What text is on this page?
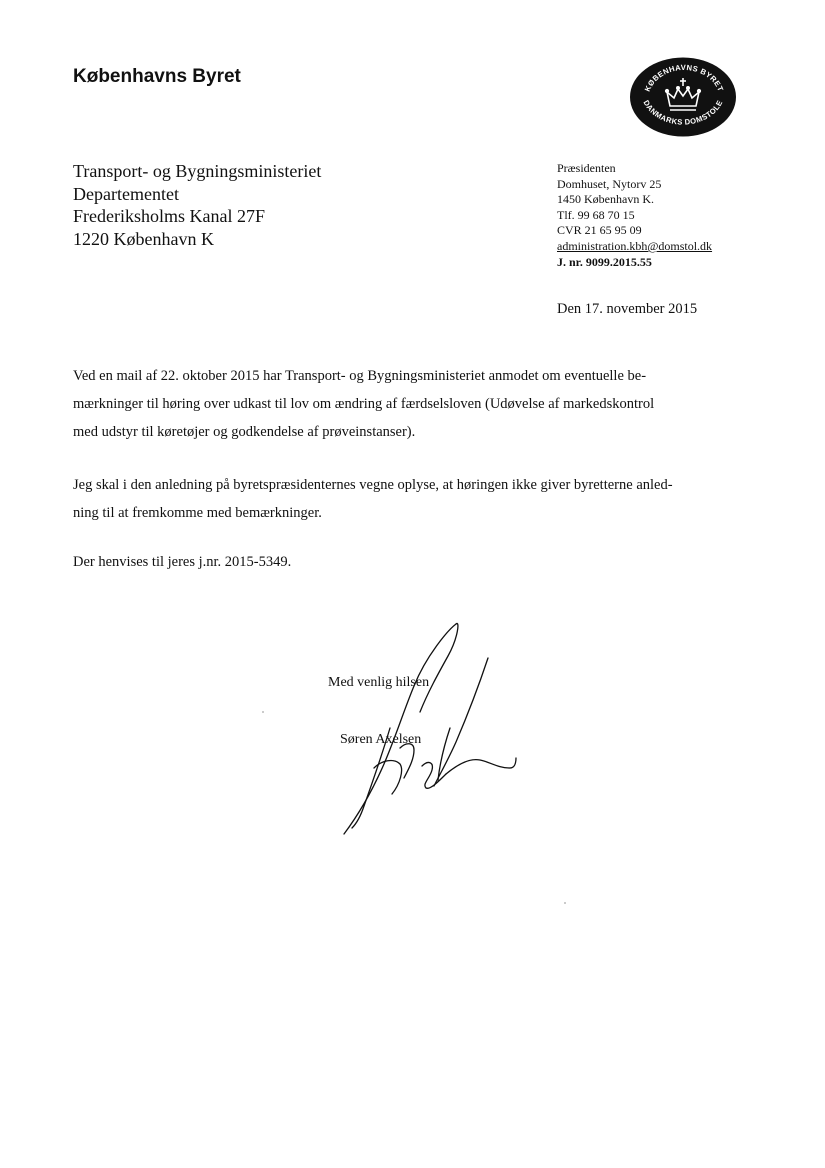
Københavns Byret
KØBENHAVNS BYRET
DANMARKS DOMSTOLE
Transport- og Bygningsministeriet
Departementet
Frederiksholms Kanal 27F
1220 København K
Præsidenten
Domhuset, Nytorv 25
1450 København K.
Tlf. 99 68 70 15
CVR 21 65 95 09
administration.kbh@domstol.dk
J. nr. 9099.2015.55
Den 17. november 2015
Ved en mail af 22. oktober 2015 har Transport- og Bygningsministeriet anmodet om eventuelle be-
mærkninger til høring over udkast til lov om ændring af færdselsloven (Udøvelse af markedskontrol
med udstyr til køretøjer og godkendelse af prøveinstanser).
Jeg skal i den anledning på byretspræsidenternes vegne oplyse, at høringen ikke giver byretterne anled-
ning til at fremkomme med bemærkninger.
Der henvises til jeres j.nr. 2015-5349.
Med venlig hilsen
Søren Axelsen
